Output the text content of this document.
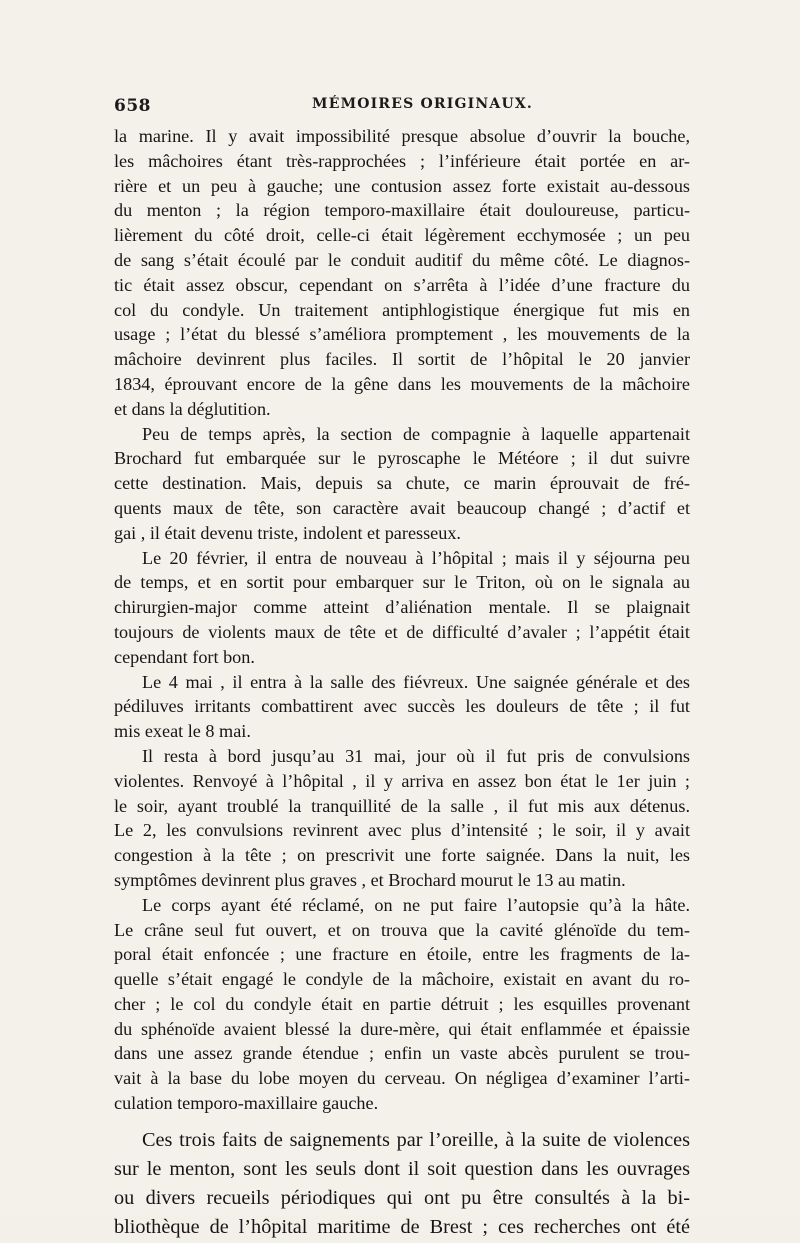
658	MÉMOIRES ORIGINAUX.
la marine. Il y avait impossibilité presque absolue d’ouvrir la bouche,
les mâchoires étant très-rapprochées ; l’inférieure était portée en ar-
rière et un peu à gauche; une contusion assez forte existait au-dessous
du menton ; la région temporo-maxillaire était douloureuse, particu-
lièrement du côté droit, celle-ci était légèrement ecchymosée ; un peu
de sang s’était écoulé par le conduit auditif du même côté. Le diagnos-
tic était assez obscur, cependant on s’arrêta à l’idée d’une fracture du
col du condyle. Un traitement antiphlogistique énergique fut mis en
usage ; l’état du blessé s’améliora promptement , les mouvements de la
mâchoire devinrent plus faciles. Il sortit de l’hôpital le 20 janvier
1834, éprouvant encore de la gêne dans les mouvements de la mâchoire
et dans la déglutition.
Peu de temps après, la section de compagnie à laquelle appartenait
Brochard fut embarquée sur le pyroscaphe le Météore ; il dut suivre
cette destination. Mais, depuis sa chute, ce marin éprouvait de fré-
quents maux de tête, son caractère avait beaucoup changé ; d’actif et
gai , il était devenu triste, indolent et paresseux.
Le 20 février, il entra de nouveau à l’hôpital ; mais il y séjourna peu
de temps, et en sortit pour embarquer sur le Triton, où on le signala au
chirurgien-major comme atteint d’aliénation mentale. Il se plaignait
toujours de violents maux de tête et de difficulté d’avaler ; l’appétit était
cependant fort bon.
Le 4 mai , il entra à la salle des fiévreux. Une saignée générale et des
pédiluves irritants combattirent avec succès les douleurs de tête ; il fut
mis exeat le 8 mai.
Il resta à bord jusqu’au 31 mai, jour où il fut pris de convulsions
violentes. Renvoyé à l’hôpital , il y arriva en assez bon état le 1er juin ;
le soir, ayant troublé la tranquillité de la salle , il fut mis aux détenus.
Le 2, les convulsions revinrent avec plus d’intensité ; le soir, il y avait
congestion à la tête ; on prescrivit une forte saignée. Dans la nuit, les
symptômes devinrent plus graves , et Brochard mourut le 13 au matin.
Le corps ayant été réclamé, on ne put faire l’autopsie qu’à la hâte.
Le crâne seul fut ouvert, et on trouva que la cavité glénoïde du tem-
poral était enfoncée ; une fracture en étoile, entre les fragments de la-
quelle s’était engagé le condyle de la mâchoire, existait en avant du ro-
cher ; le col du condyle était en partie détruit ; les esquilles provenant
du sphénoïde avaient blessé la dure-mère, qui était enflammée et épaissie
dans une assez grande étendue ; enfin un vaste abcès purulent se trou-
vait à la base du lobe moyen du cerveau. On négligea d’examiner l’arti-
culation temporo-maxillaire gauche.
Ces trois faits de saignements par l’oreille, à la suite de violences
sur le menton, sont les seuls dont il soit question dans les ouvrages
ou divers recueils périodiques qui ont pu être consultés à la bi-
bliothèque de l’hôpital maritime de Brest ; ces recherches ont été
